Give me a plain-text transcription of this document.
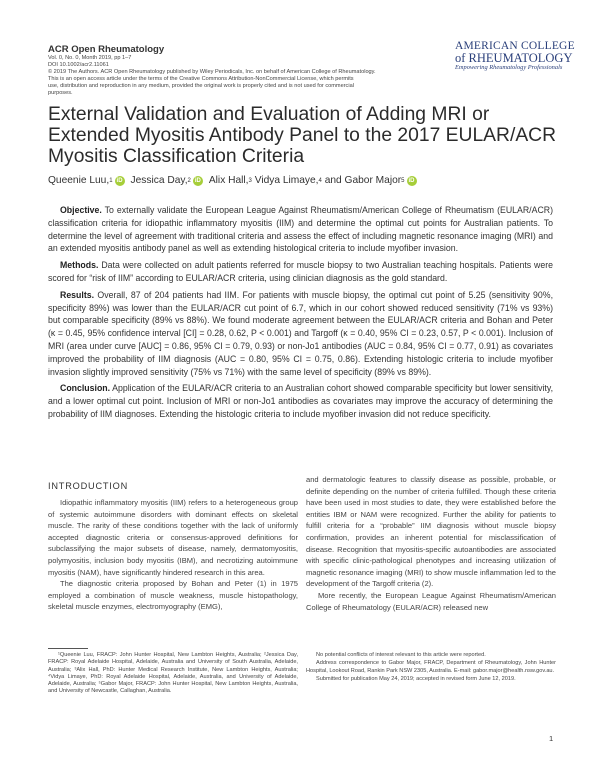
ACR Open Rheumatology
Vol. 0, No. 0, Month 2019, pp 1–7
DOI 10.1002/acr2.11061
© 2019 The Authors. ACR Open Rheumatology published by Wiley Periodicals, Inc. on behalf of American College of Rheumatology.
This is an open access article under the terms of the Creative Commons Attribution-NonCommercial License, which permits
use, distribution and reproduction in any medium, provided the original work is properly cited and is not used for commercial
purposes.
AMERICAN COLLEGE
of RHEUMATOLOGY
Empowering Rheumatology Professionals
External Validation and Evaluation of Adding MRI or Extended Myositis Antibody Panel to the 2017 EULAR/ACR Myositis Classification Criteria
Queenie Luu, 1 iD Jessica Day, 2 iD Alix Hall, 3
Vidya Limaye, 4
and Gabor Major 5 iD

Objective. To externally validate the European League Against Rheumatism/American College of Rheumatism (EULAR/ACR) classification criteria for idiopathic inflammatory myositis (IIM) and determine the optimal cut points for Australian patients. To determine the level of agreement with traditional criteria and assess the effect of including magnetic resonance imaging (MRI) and an extended myositis antibody panel as well as extending histological criteria to include myofiber invasion.

Methods. Data were collected on adult patients referred for muscle biopsy to two Australian teaching hospitals. Patients were scored for “risk of IIM” according to EULAR/ACR criteria, using clinician diagnosis as the gold standard.

Results. Overall, 87 of 204 patients had IIM. For patients with muscle biopsy, the optimal cut point of 5.25 (sensitivity 90%, specificity 89%) was lower than the EULAR/ACR cut point of 6.7, which in our cohort showed reduced sensitivity (71% vs 93%) but comparable specificity (89% vs 88%). We found moderate agreement between the EULAR/ACR criteria and Bohan and Peter (κ = 0.45, 95% confidence interval [CI] = 0.28, 0.62, P < 0.001) and Targoff (κ = 0.40, 95% CI = 0.23, 0.57, P < 0.001). Inclusion of MRI (area under curve [AUC] = 0.86, 95% CI = 0.79, 0.93) or non-Jo1 antibodies (AUC = 0.84, 95% CI = 0.77, 0.91) as covariates improved the probability of IIM diagnosis (AUC = 0.80, 95% CI = 0.75, 0.86). Extending histologic criteria to include myofiber invasion slightly improved sensitivity (75% vs 71%) with the same level of specificity (89% vs 89%).

Conclusion. Application of the EULAR/ACR criteria to an Australian cohort showed comparable specificity but lower sensitivity, and a lower optimal cut point. Inclusion of MRI or non-Jo1 antibodies as covariates may improve the accuracy of determining the probability of IIM diagnoses. Extending the histologic criteria to include myofiber invasion did not reduce specificity.

INTRODUCTION

Idiopathic inflammatory myositis (IIM) refers to a heterogeneous group of systemic autoimmune disorders with dominant effects on skeletal muscle. The rarity of these conditions together with the lack of uniformly accepted diagnostic criteria or consensus-approved definitions for subclassifying the major subsets of disease, namely, dermatomyositis, polymyositis, inclusion body myositis (IBM), and necrotizing autoimmune myositis (NAM), have significantly hindered research in this area.

The diagnostic criteria proposed by Bohan and Peter (1) in 1975 employed a combination of muscle weakness, muscle histopathology, skeletal muscle enzymes, electromyography (EMG),

and dermatologic features to classify disease as possible, probable, or definite depending on the number of criteria fulfilled. Though these criteria have been used in most studies to date, they were established before the entities IBM or NAM were recognized. Further the ability for patients to fulfill criteria for a “probable” IIM diagnosis without muscle biopsy confirmation, provides an inherent potential for misclassification of disease. Recognition that myositis-specific autoantibodies are associated with specific clinic-pathological phenotypes and increasing utilization of magnetic resonance imaging (MRI) to show muscle inflammation led to the development of the Targoff criteria (2).

More recently, the European League Against Rheumatism/American College of Rheumatology (EULAR/ACR) released new

¹Queenie Luu, FRACP: John Hunter Hospital, New Lambton Heights, Australia; ²Jessica Day, FRACP: Royal Adelaide Hospital, Adelaide, Australia and University of South Australia, Adelaide, Australia; ³Alix Hall, PhD: Hunter Medical Research Institute, New Lambton Heights, Australia; ⁴Vidya Limaye, PhD: Royal Adelaide Hospital, Adelaide, Australia, and University of Adelaide, Adelaide, Australia; ⁵Gabor Major, FRACP: John Hunter Hospital, New Lambton Heights, Australia, and University of Newcastle, Callaghan, Australia.

No potential conflicts of interest relevant to this article were reported.

Address correspondence to Gabor Major, FRACP, Department of Rheumatology, John Hunter Hospital, Lookout Road, Rankin Park NSW 2305, Australia. E-mail: gabor.major@health.nsw.gov.au.

Submitted for publication May 24, 2019; accepted in revised form June 12, 2019.

1
